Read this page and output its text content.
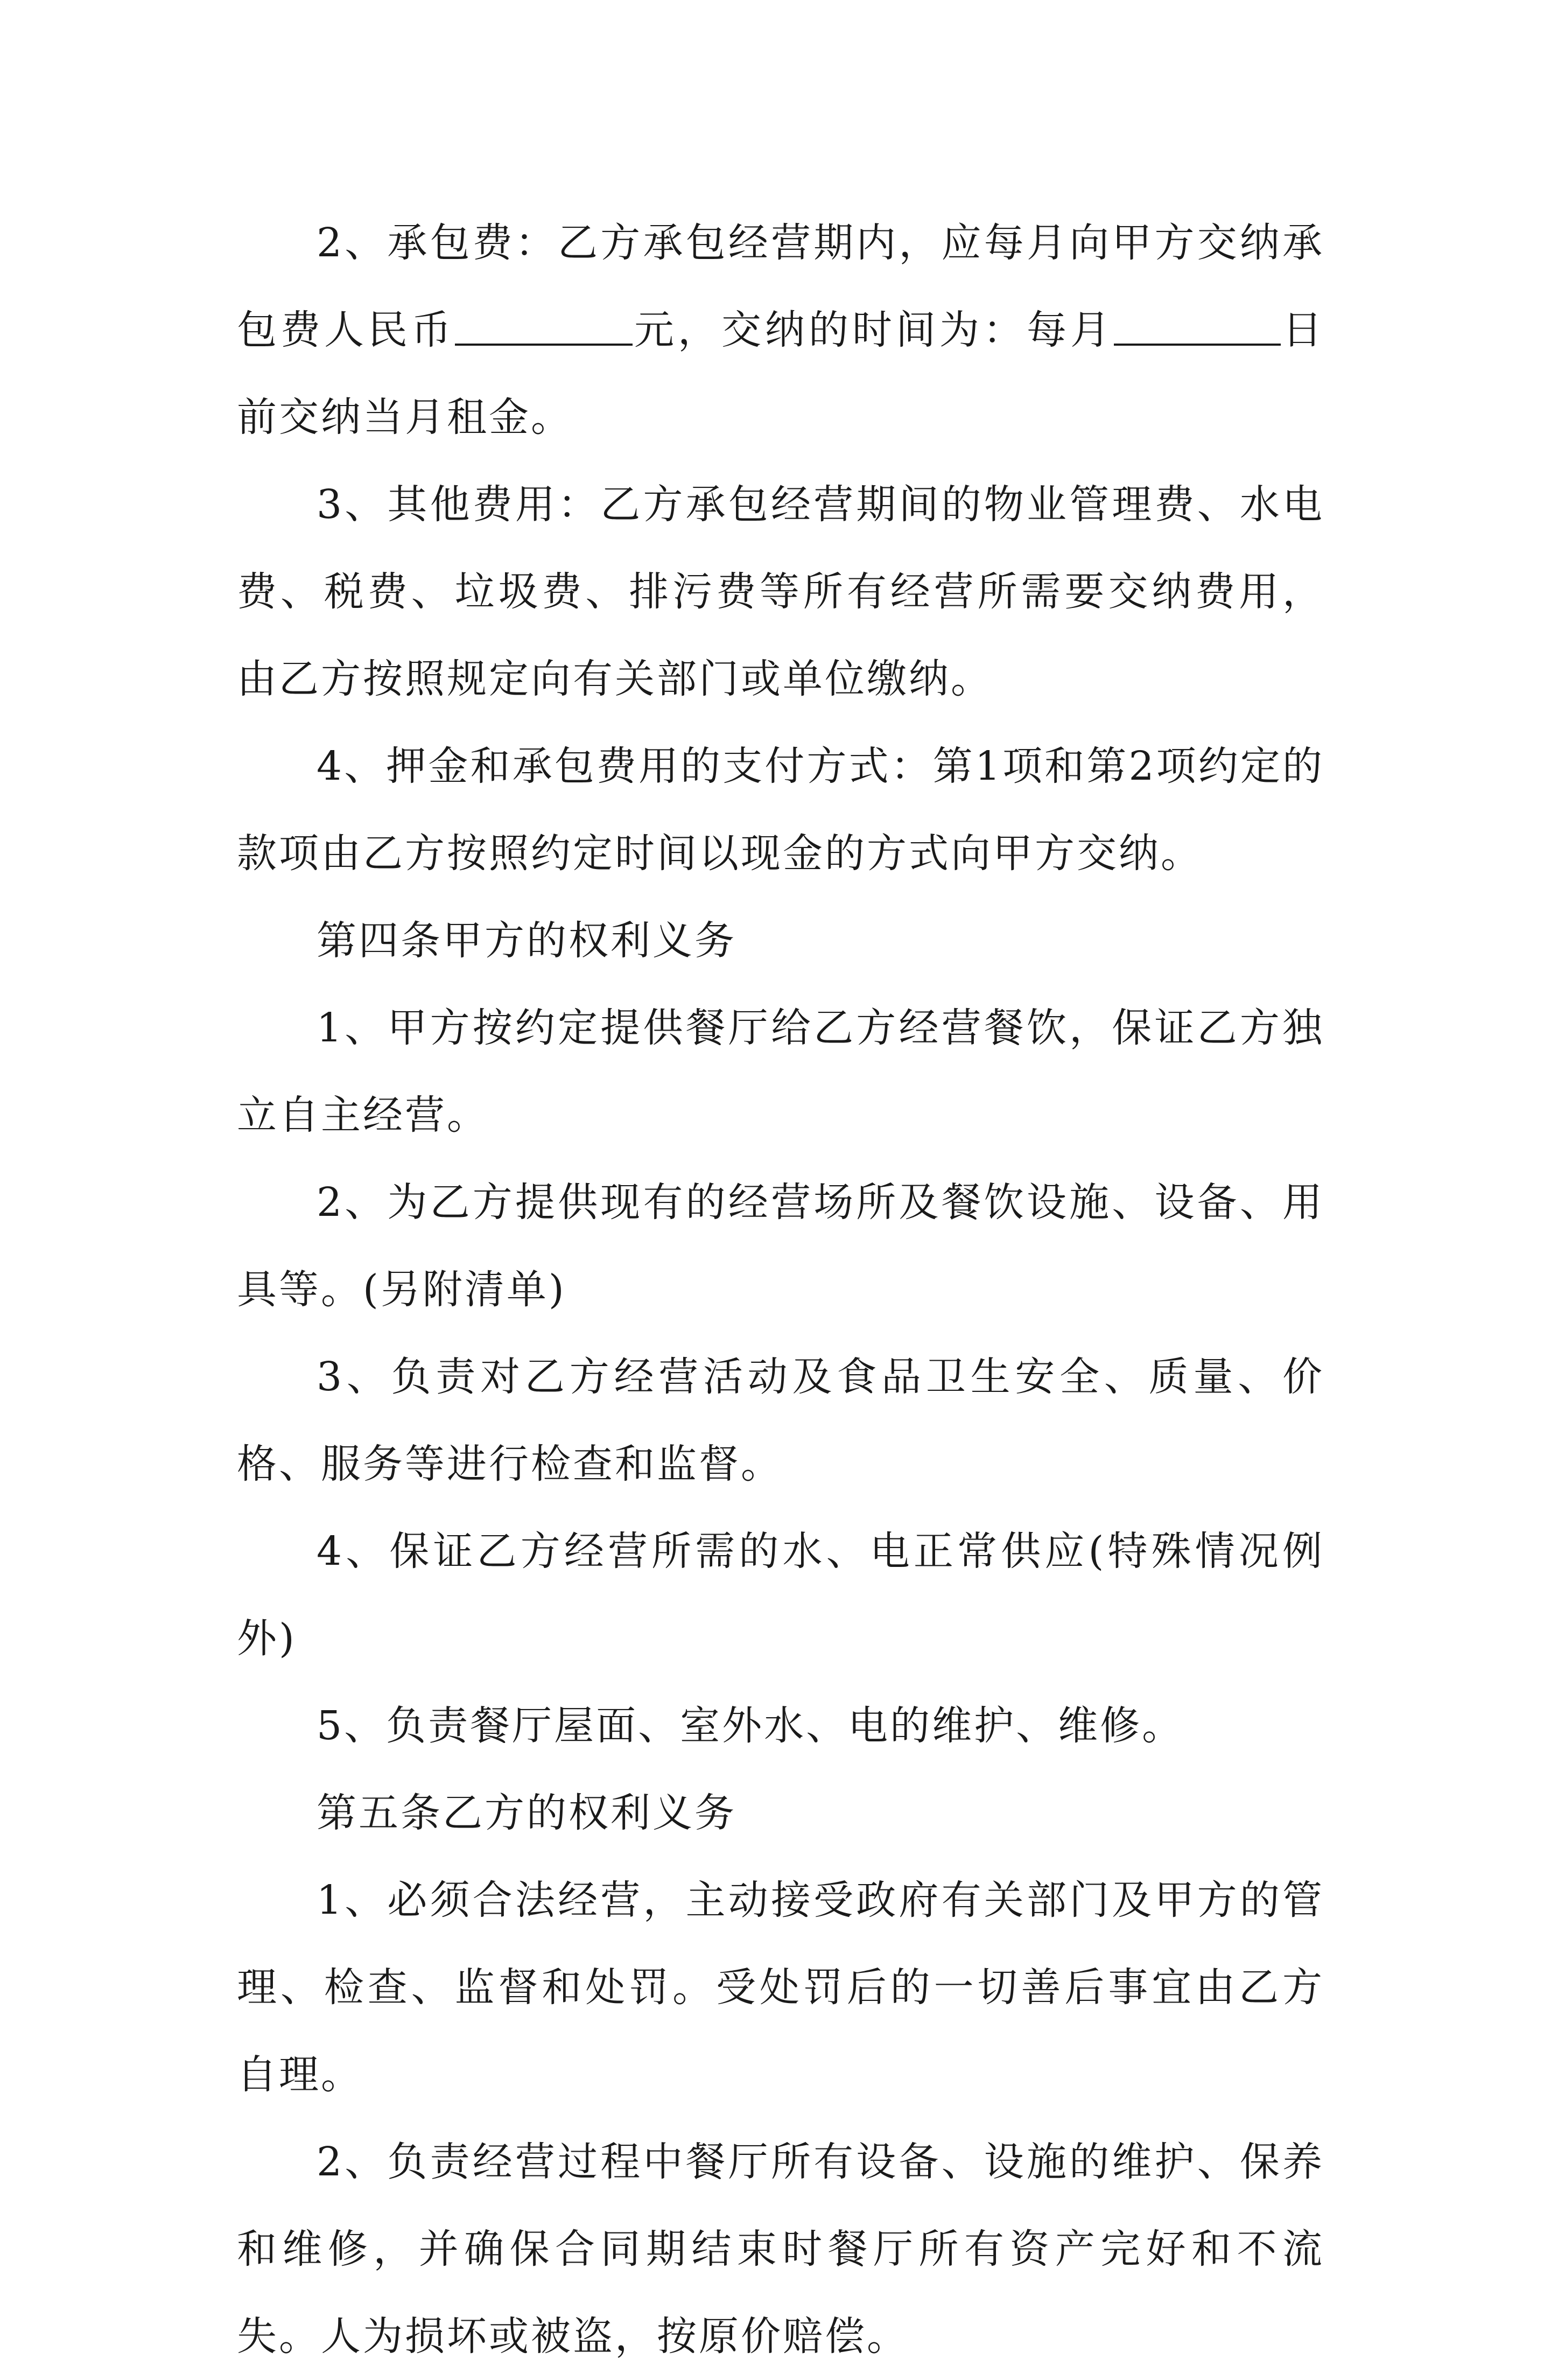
2、承包费：乙方承包经营期内，应每月向甲方交纳承包费人民币	元，交纳的时间为：每月	日前交纳当月租金。

3、其他费用：乙方承包经营期间的物业管理费、水电费、税费、垃圾费、排污费等所有经营所需要交纳费用，由乙方按照规定向有关部门或单位缴纳。

4、押金和承包费用的支付方式：第1项和第2项约定的款项由乙方按照约定时间以现金的方式向甲方交纳。

第四条甲方的权利义务

1、甲方按约定提供餐厅给乙方经营餐饮，保证乙方独立自主经营。

2、为乙方提供现有的经营场所及餐饮设施、设备、用具等。(另附清单)

3、负责对乙方经营活动及食品卫生安全、质量、价格、服务等进行检查和监督。

4、保证乙方经营所需的水、电正常供应(特殊情况例外)

5、负责餐厅屋面、室外水、电的维护、维修。

第五条乙方的权利义务

1、必须合法经营，主动接受政府有关部门及甲方的管理、检查、监督和处罚。受处罚后的一切善后事宜由乙方自理。

2、负责经营过程中餐厅所有设备、设施的维护、保养和维修，并确保合同期结束时餐厅所有资产完好和不流失。人为损坏或被盗，按原价赔偿。
